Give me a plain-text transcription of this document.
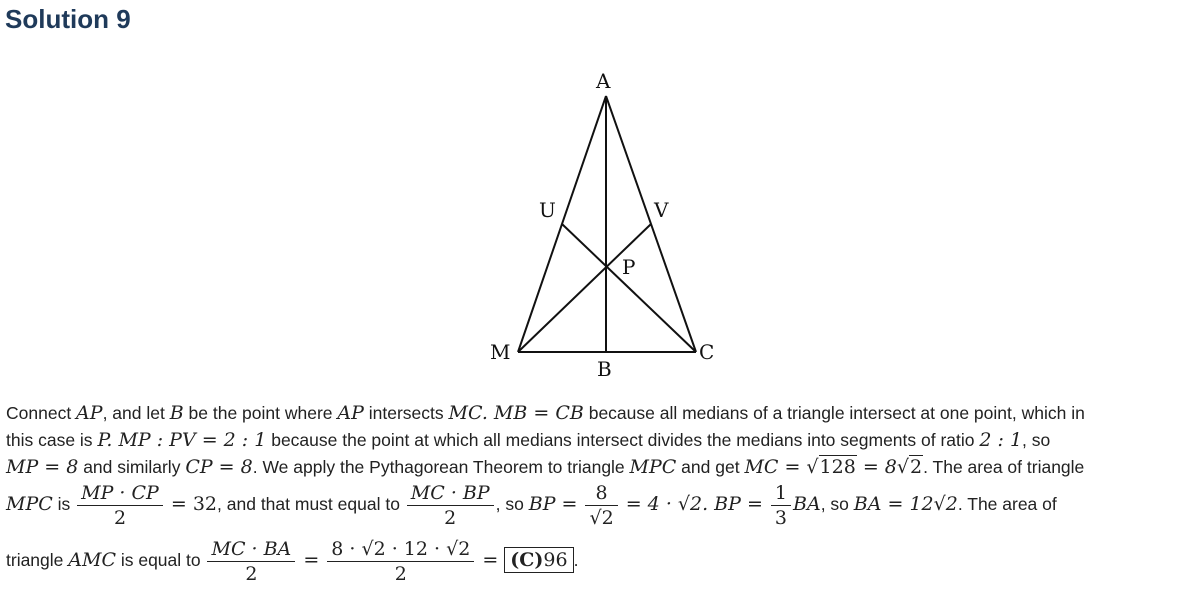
Solution 9
A
U	V
P
M	C
B
Connect AP, and let B be the point where AP intersects MC. MB = CB because all medians of a triangle intersect at one point, which in
this case is P. MP : PV = 2 : 1 because the point at which all medians intersect divides the medians into segments of ratio 2 : 1, so
MP = 8 and similarly CP = 8. We apply the Pythagorean Theorem to triangle MPC and get MC = √128 = 8√2. The area of triangle
MPC is $\frac{MP \cdot CP}{2} = 32$, and that must equal to $\frac{MC \cdot BP}{2}$ , so BP = $\frac{8}{√2} = 4 \cdot √2$. BP = $\frac{1}{3}$ BA, so BA = 12√2. The area of
triangle AMC is equal to $\frac{MC \cdot BA}{2} = \frac{8 \cdot √2 \cdot 12 \cdot √2}{2} = (C)96$ .
